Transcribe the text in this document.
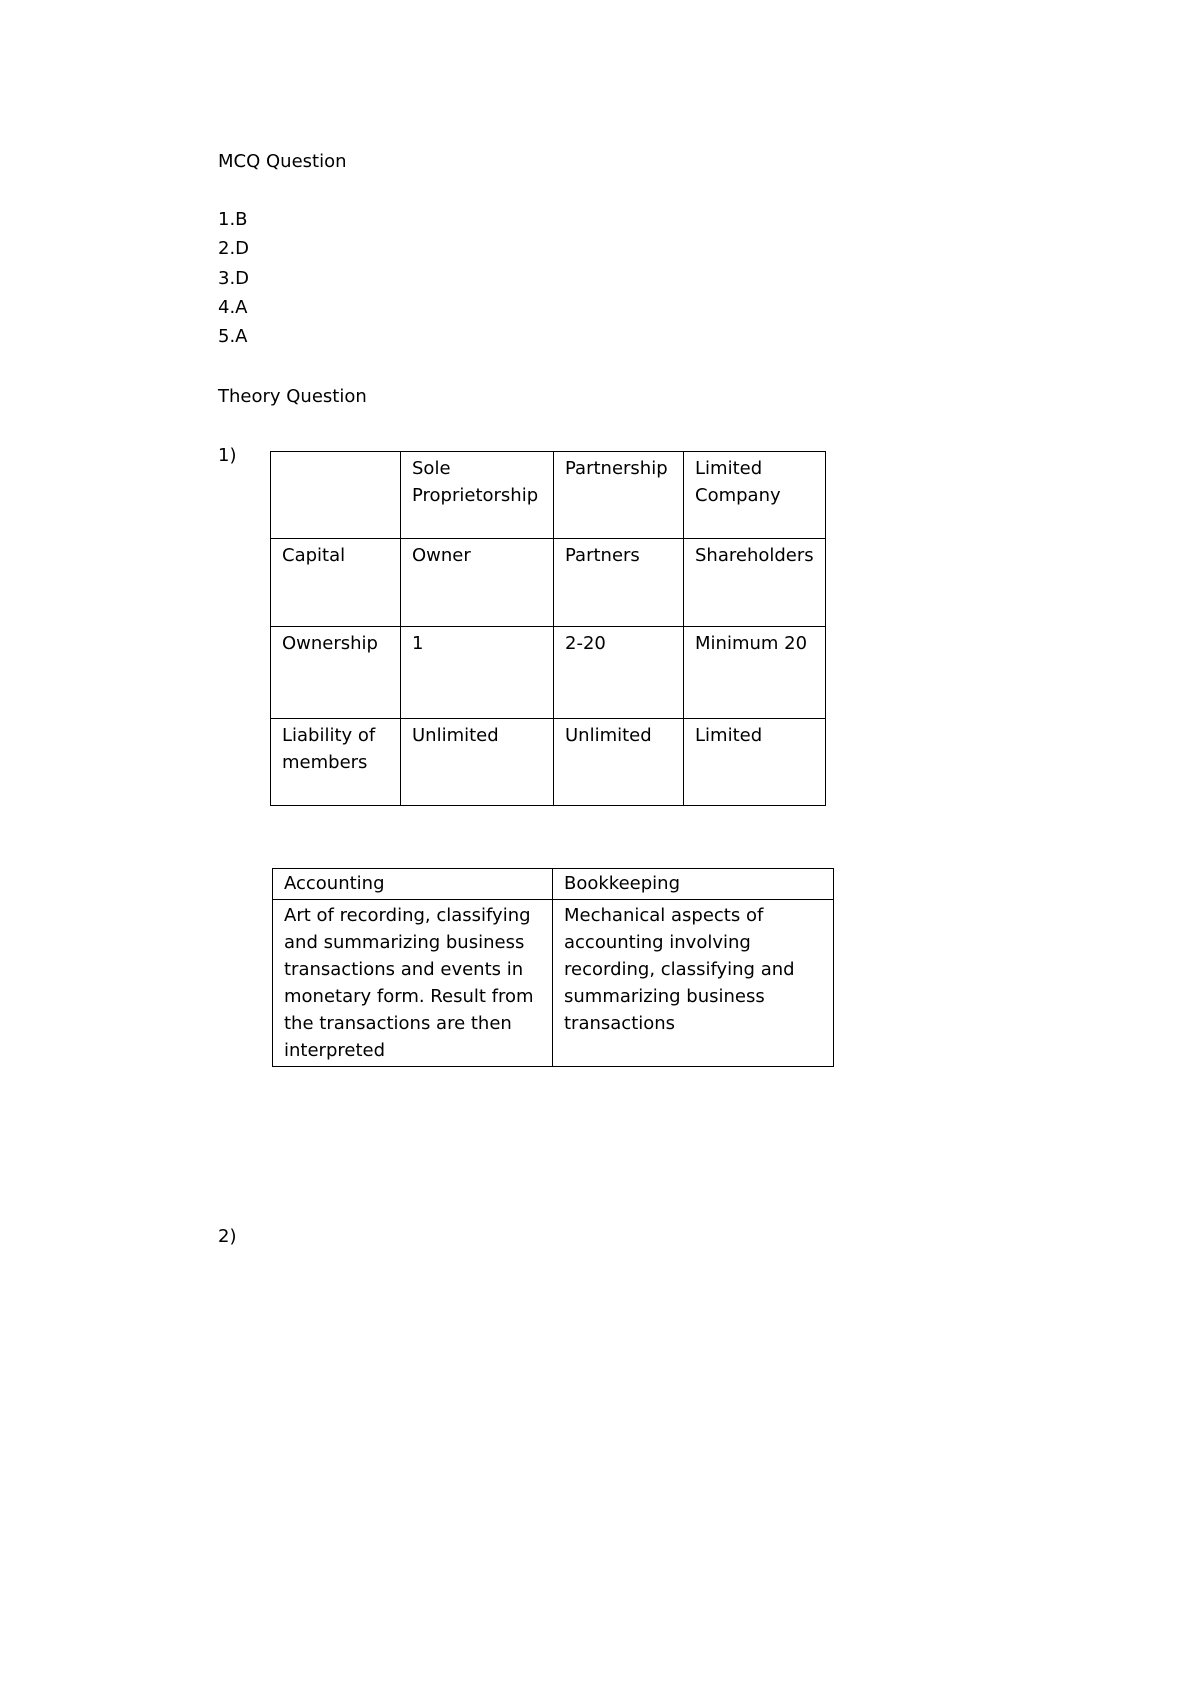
MCQ Question
1.B
2.D
3.D
4.A
5.A
Theory Question
1)
	Sole Proprietorship	Partnership	Limited Company
Capital	Owner	Partners	Shareholders
Ownership	1	2-20	Minimum 20
Liability of members	Unlimited	Unlimited	Limited
Accounting	Bookkeeping
Art of recording, classifying and summarizing business transactions and events in monetary form. Result from the transactions are then interpreted	Mechanical aspects of accounting involving recording, classifying and summarizing business transactions
2)
